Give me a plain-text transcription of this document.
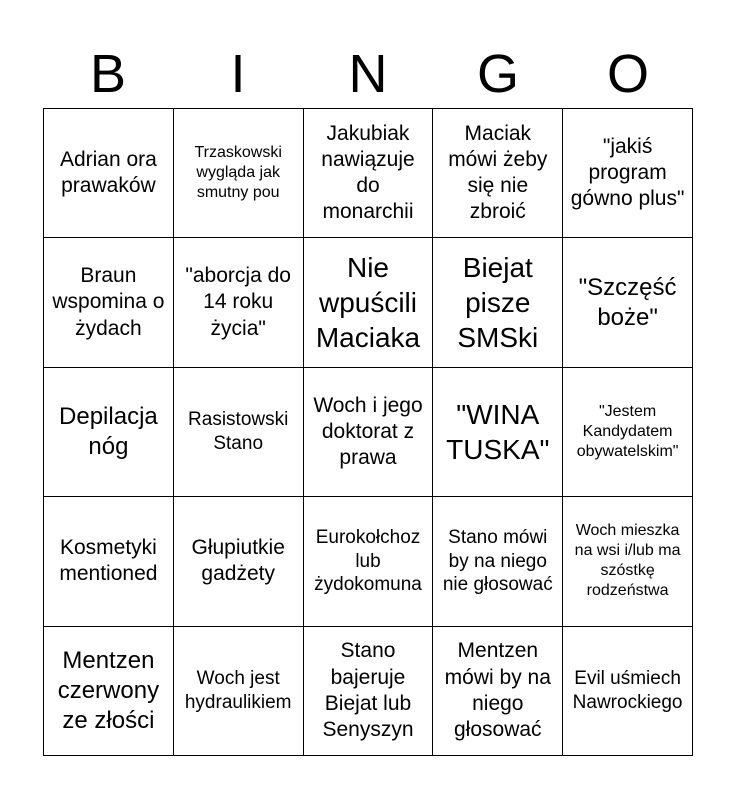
B	I	N	G	O
Adrian ora prawaków
Trzaskowski wygląda jak smutny pou
Jakubiak nawiązuje do monarchii
Maciak mówi żeby się nie zbroić
"jakiś program gówno plus"
Braun wspomina o żydach
"aborcja do 14 roku życia"
Nie wpuścili Maciaka
Biejat pisze SMSki
"Szczęść boże"
Depilacja nóg
Rasistowski Stano
Woch i jego doktorat z prawa
"WINA TUSKA"
"Jestem Kandydatem obywatelskim"
Kosmetyki mentioned
Głupiutkie gadżety
Eurokołchoz lub żydokomuna
Stano mówi by na niego nie głosować
Woch mieszka na wsi i/lub ma szóstkę rodzeństwa
Mentzen czerwony ze złości
Woch jest hydraulikiem
Stano bajeruje Biejat lub Senyszyn
Mentzen mówi by na niego głosować
Evil uśmiech Nawrockiego
